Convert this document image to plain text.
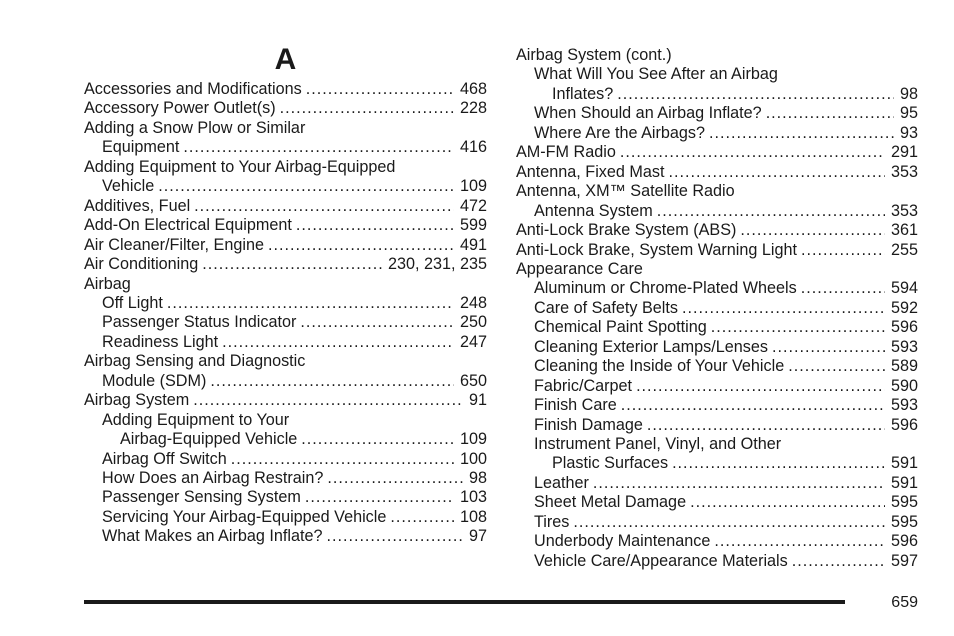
A
Accessories and Modifications .....	468
Accessory Power Outlet(s) .....	228
Adding a Snow Plow or Similar
Equipment .....	416
Adding Equipment to Your Airbag-Equipped
Vehicle .....	109
Additives, Fuel .....	472
Add-On Electrical Equipment .....	599
Air Cleaner/Filter, Engine .....	491
Air Conditioning .....	230, 231, 235
Airbag
Off Light .....	248
Passenger Status Indicator .....	250
Readiness Light .....	247
Airbag Sensing and Diagnostic
Module (SDM) .....	650
Airbag System .....	91
Adding Equipment to Your
Airbag-Equipped Vehicle .....	109
Airbag Off Switch .....	100
How Does an Airbag Restrain? .....	98
Passenger Sensing System .....	103
Servicing Your Airbag-Equipped Vehicle .....	108
What Makes an Airbag Inflate? .....	97
Airbag System (cont.)
What Will You See After an Airbag
Inflates? .....	98
When Should an Airbag Inflate? .....	95
Where Are the Airbags? .....	93
AM-FM Radio .....	291
Antenna, Fixed Mast .....	353
Antenna, XM™ Satellite Radio
Antenna System .....	353
Anti-Lock Brake System (ABS) .....	361
Anti-Lock Brake, System Warning Light .....	255
Appearance Care
Aluminum or Chrome-Plated Wheels .....	594
Care of Safety Belts .....	592
Chemical Paint Spotting .....	596
Cleaning Exterior Lamps/Lenses .....	593
Cleaning the Inside of Your Vehicle .....	589
Fabric/Carpet .....	590
Finish Care .....	593
Finish Damage .....	596
Instrument Panel, Vinyl, and Other
Plastic Surfaces .....	591
Leather .....	591
Sheet Metal Damage .....	595
Tires .....	595
Underbody Maintenance .....	596
Vehicle Care/Appearance Materials .....	597
659
